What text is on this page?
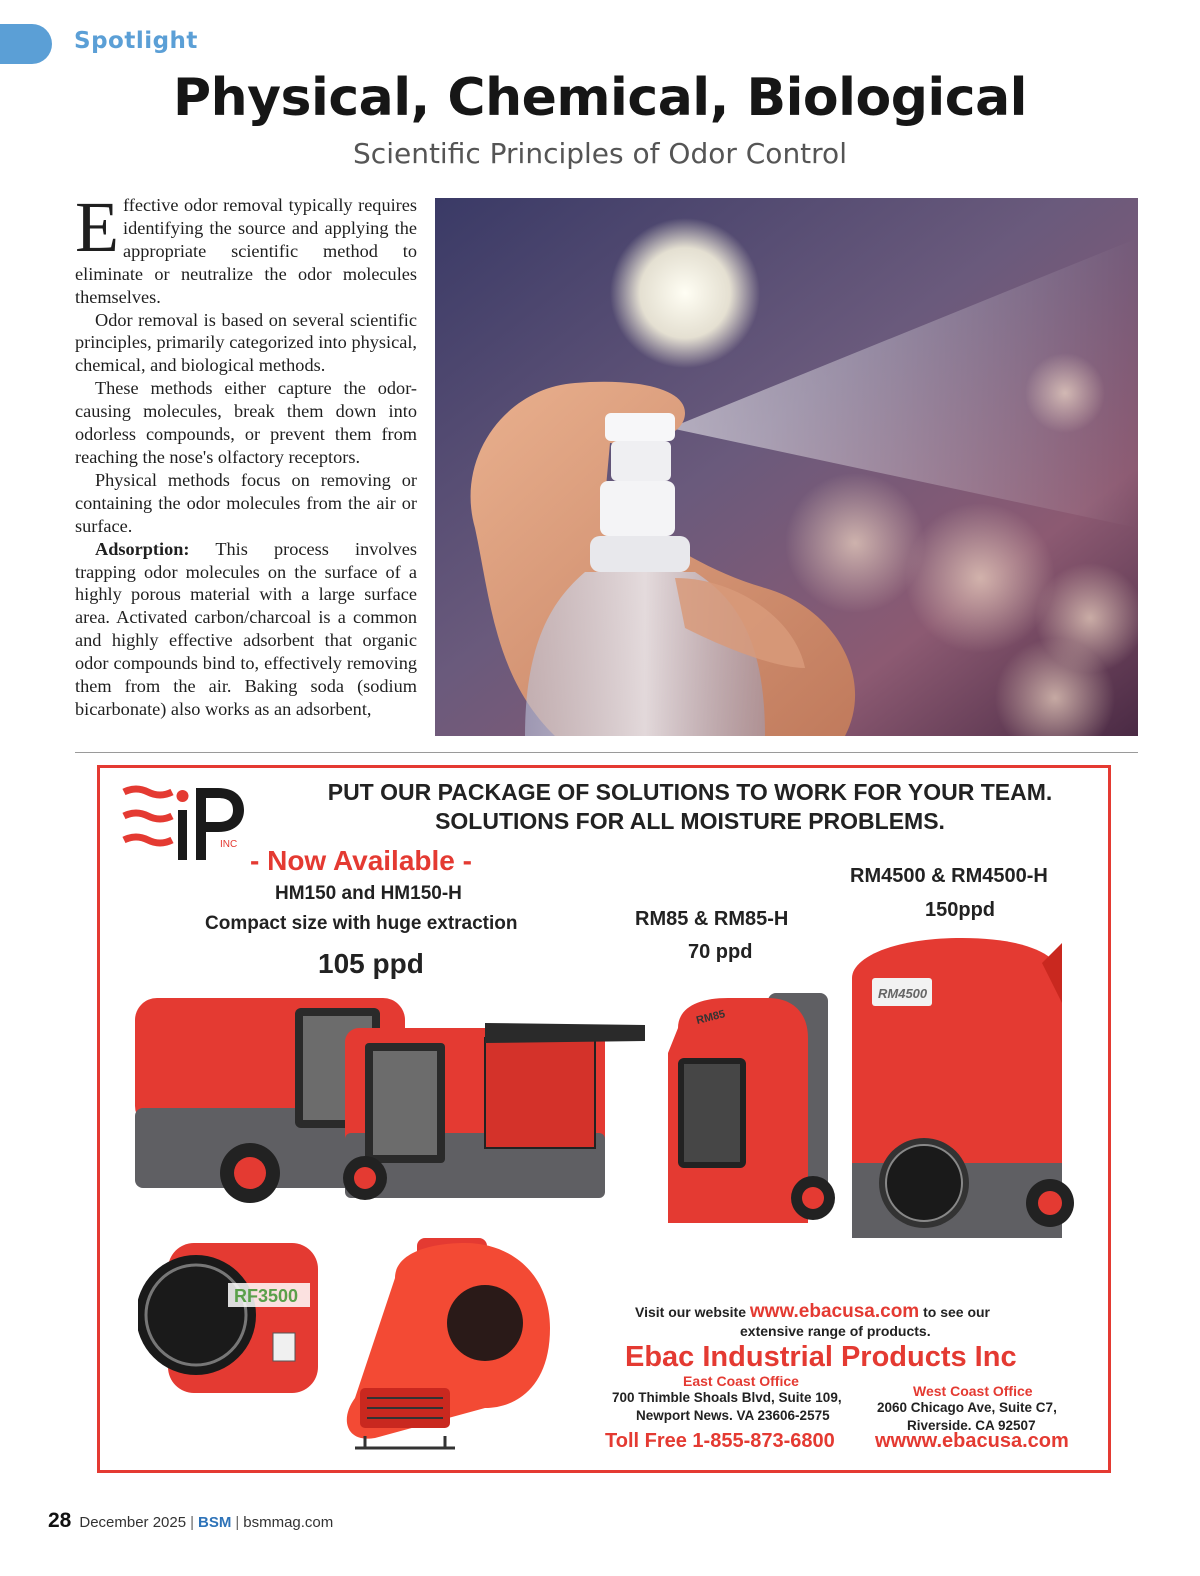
Spotlight
Physical, Chemical, Biological
Scientific Principles of Odor Control

Effective odor removal typically requires identifying the source and applying the appropriate scientific method to eliminate or neutralize the odor molecules themselves.

Odor removal is based on several scientific principles, primarily categorized into physical, chemical, and biological methods.

These methods either capture the odor-causing molecules, break them down into odorless compounds, or prevent them from reaching the nose's olfactory receptors.

Physical methods focus on removing or containing the odor molecules from the air or surface.

Adsorption: This process involves trapping odor molecules on the surface of a highly porous material with a large surface area. Activated carbon/charcoal is a common and highly effective adsorbent that organic odor compounds bind to, effectively removing them from the air. Baking soda (sodium bicarbonate) also works as an adsorbent,

INC
PUT OUR PACKAGE OF SOLUTIONS TO WORK FOR YOUR TEAM.
SOLUTIONS FOR ALL MOISTURE PROBLEMS.
- Now Available -
HM150 and HM150-H
Compact size with huge extraction
105 ppd
RM85 & RM85-H
70 ppd
RM4500 & RM4500-H
150ppd
RM85
RM4500
RF3500
Visit our website www.ebacusa.com to see our
extensive range of products.
Ebac Industrial Products Inc
East Coast Office
700 Thimble Shoals Blvd, Suite 109,
Newport News. VA 23606-2575
West Coast Office
2060 Chicago Ave, Suite C7,
Riverside. CA 92507
Toll Free 1-855-873-6800 wwww.ebacusa.com
28 December 2025 | BSM | bsmmag.com
